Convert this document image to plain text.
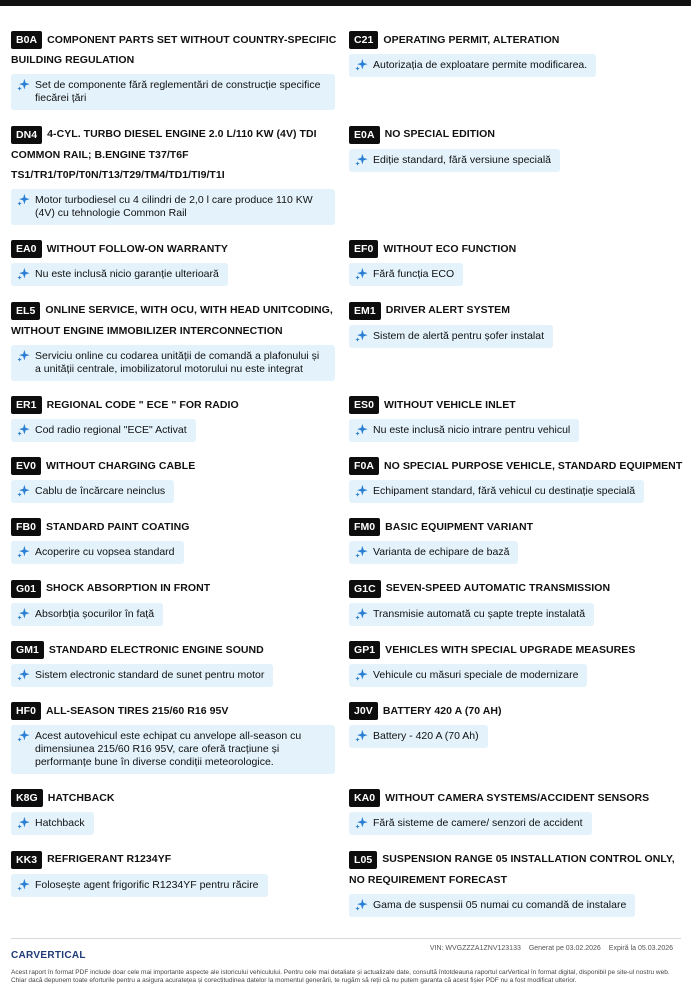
B0A COMPONENT PARTS SET WITHOUT COUNTRY-SPECIFIC BUILDING REGULATION
Set de componente fără reglementări de construcție specifice fiecărei țări
C21 OPERATING PERMIT, ALTERATION
Autorizația de exploatare permite modificarea.
DN4 4-CYL. TURBO DIESEL ENGINE 2.0 L/110 KW (4V) TDI COMMON RAIL; B.ENGINE T37/T6F TS1/TR1/T0P/T0N/T13/T29/TM4/TD1/TI9/T1I
Motor turbodiesel cu 4 cilindri de 2,0 l care produce 110 KW (4V) cu tehnologie Common Rail
E0A NO SPECIAL EDITION
Ediție standard, fără versiune specială
EA0 WITHOUT FOLLOW-ON WARRANTY
Nu este inclusă nicio garanție ulterioară
EF0 WITHOUT ECO FUNCTION
Fără funcția ECO
EL5 ONLINE SERVICE, WITH OCU, WITH HEAD UNITCODING, WITHOUT ENGINE IMMOBILIZER INTERCONNECTION
Serviciu online cu codarea unității de comandă a plafonului și a unității centrale, imobilizatorul motorului nu este integrat
EM1 DRIVER ALERT SYSTEM
Sistem de alertă pentru șofer instalat
ER1 REGIONAL CODE " ECE " FOR RADIO
Cod radio regional "ECE" Activat
ES0 WITHOUT VEHICLE INLET
Nu este inclusă nicio intrare pentru vehicul
EV0 WITHOUT CHARGING CABLE
Cablu de încărcare neinclus
F0A NO SPECIAL PURPOSE VEHICLE, STANDARD EQUIPMENT
Echipament standard, fără vehicul cu destinație specială
FB0 STANDARD PAINT COATING
Acoperire cu vopsea standard
FM0 BASIC EQUIPMENT VARIANT
Varianta de echipare de bază
G01 SHOCK ABSORPTION IN FRONT
Absorbția șocurilor în față
G1C SEVEN-SPEED AUTOMATIC TRANSMISSION
Transmisie automată cu șapte trepte instalată
GM1 STANDARD ELECTRONIC ENGINE SOUND
Sistem electronic standard de sunet pentru motor
GP1 VEHICLES WITH SPECIAL UPGRADE MEASURES
Vehicule cu măsuri speciale de modernizare
HF0 ALL-SEASON TIRES 215/60 R16 95V
Acest autovehicul este echipat cu anvelope all-season cu dimensiunea 215/60 R16 95V, care oferă tracțiune și performanțe bune în diverse condiții meteorologice.
J0V BATTERY 420 A (70 AH)
Battery - 420 A (70 Ah)
K8G HATCHBACK
Hatchback
KA0 WITHOUT CAMERA SYSTEMS/ACCIDENT SENSORS
Fără sisteme de camere/ senzori de accident
KK3 REFRIGERANT R1234YF
Folosește agent frigorific R1234YF pentru răcire
L05 SUSPENSION RANGE 05 INSTALLATION CONTROL ONLY, NO REQUIREMENT FORECAST
Gama de suspensii 05 numai cu comandă de instalare
CARVERTICAL
VIN: WVGZZZA1ZNV123133 Generat pe 03.02.2026 Expiră la 05.03.2026
Acest raport în format PDF include doar cele mai importante aspecte ale istoricului vehiculului. Pentru cele mai detaliate și actualizate date, consultă întotdeauna raportul carVertical în format digital, disponibil pe site-ul nostru web. Chiar dacă depunem toate eforturile pentru a asigura acuratețea și corectitudinea datelor la momentul generării, te rugăm să reții că nu putem garanta că acest fișier PDF nu a fost modificat ulterior.
